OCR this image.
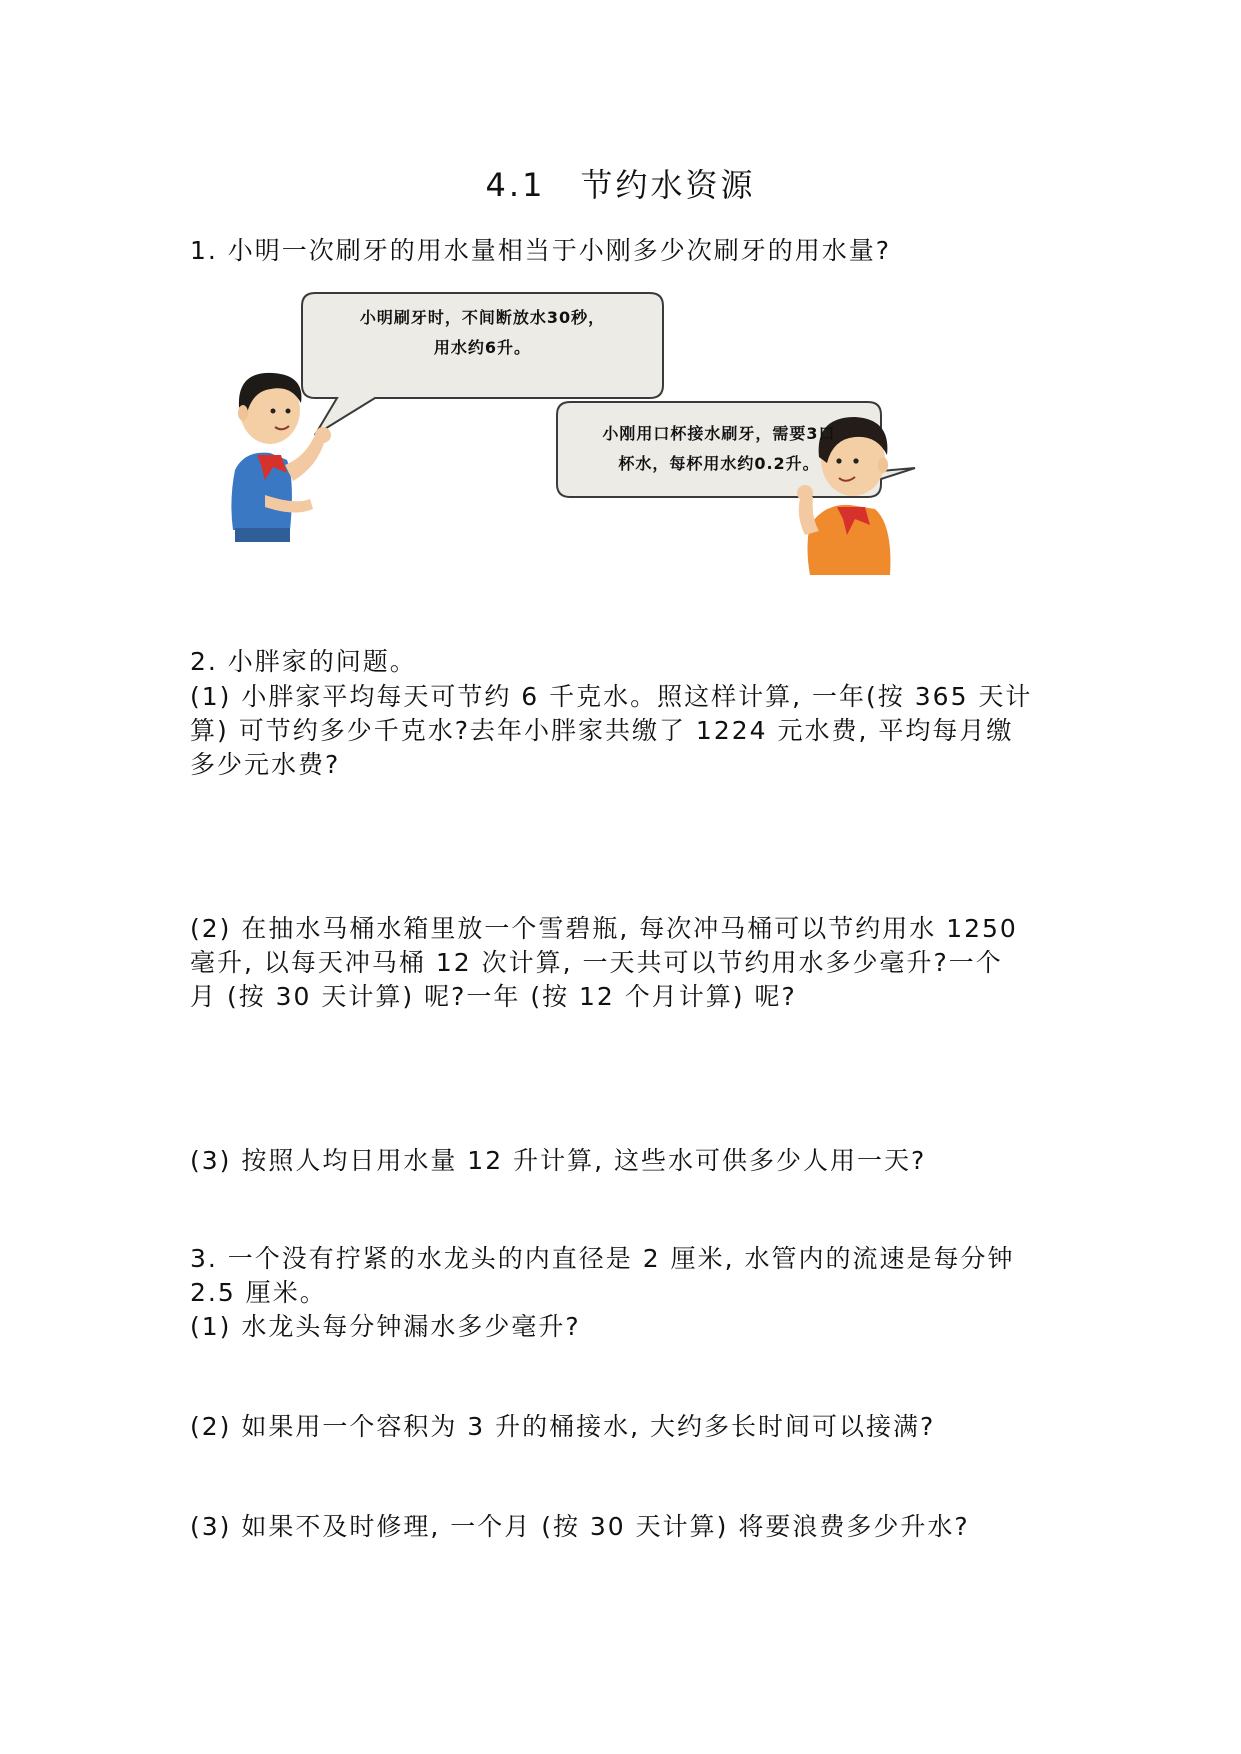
4.1　节约水资源

1. 小明一次刷牙的用水量相当于小刚多少次刷牙的用水量?

小明刷牙时，不间断放水30秒，
用水约6升。
小刚用口杯接水刷牙，需要3口
杯水，每杯用水约0.2升。

2. 小胖家的问题。

(1) 小胖家平均每天可节约 6 千克水。照这样计算, 一年(按 365 天计

算) 可节约多少千克水?去年小胖家共缴了 1224 元水费, 平均每月缴

多少元水费?

(2) 在抽水马桶水箱里放一个雪碧瓶, 每次冲马桶可以节约用水 1250

毫升, 以每天冲马桶 12 次计算, 一天共可以节约用水多少毫升?一个

月 (按 30 天计算) 呢?一年 (按 12 个月计算) 呢?

(3) 按照人均日用水量 12 升计算, 这些水可供多少人用一天?

3. 一个没有拧紧的水龙头的内直径是 2 厘米, 水管内的流速是每分钟

2.5 厘米。

(1) 水龙头每分钟漏水多少毫升?

(2) 如果用一个容积为 3 升的桶接水, 大约多长时间可以接满?

(3) 如果不及时修理, 一个月 (按 30 天计算) 将要浪费多少升水?
